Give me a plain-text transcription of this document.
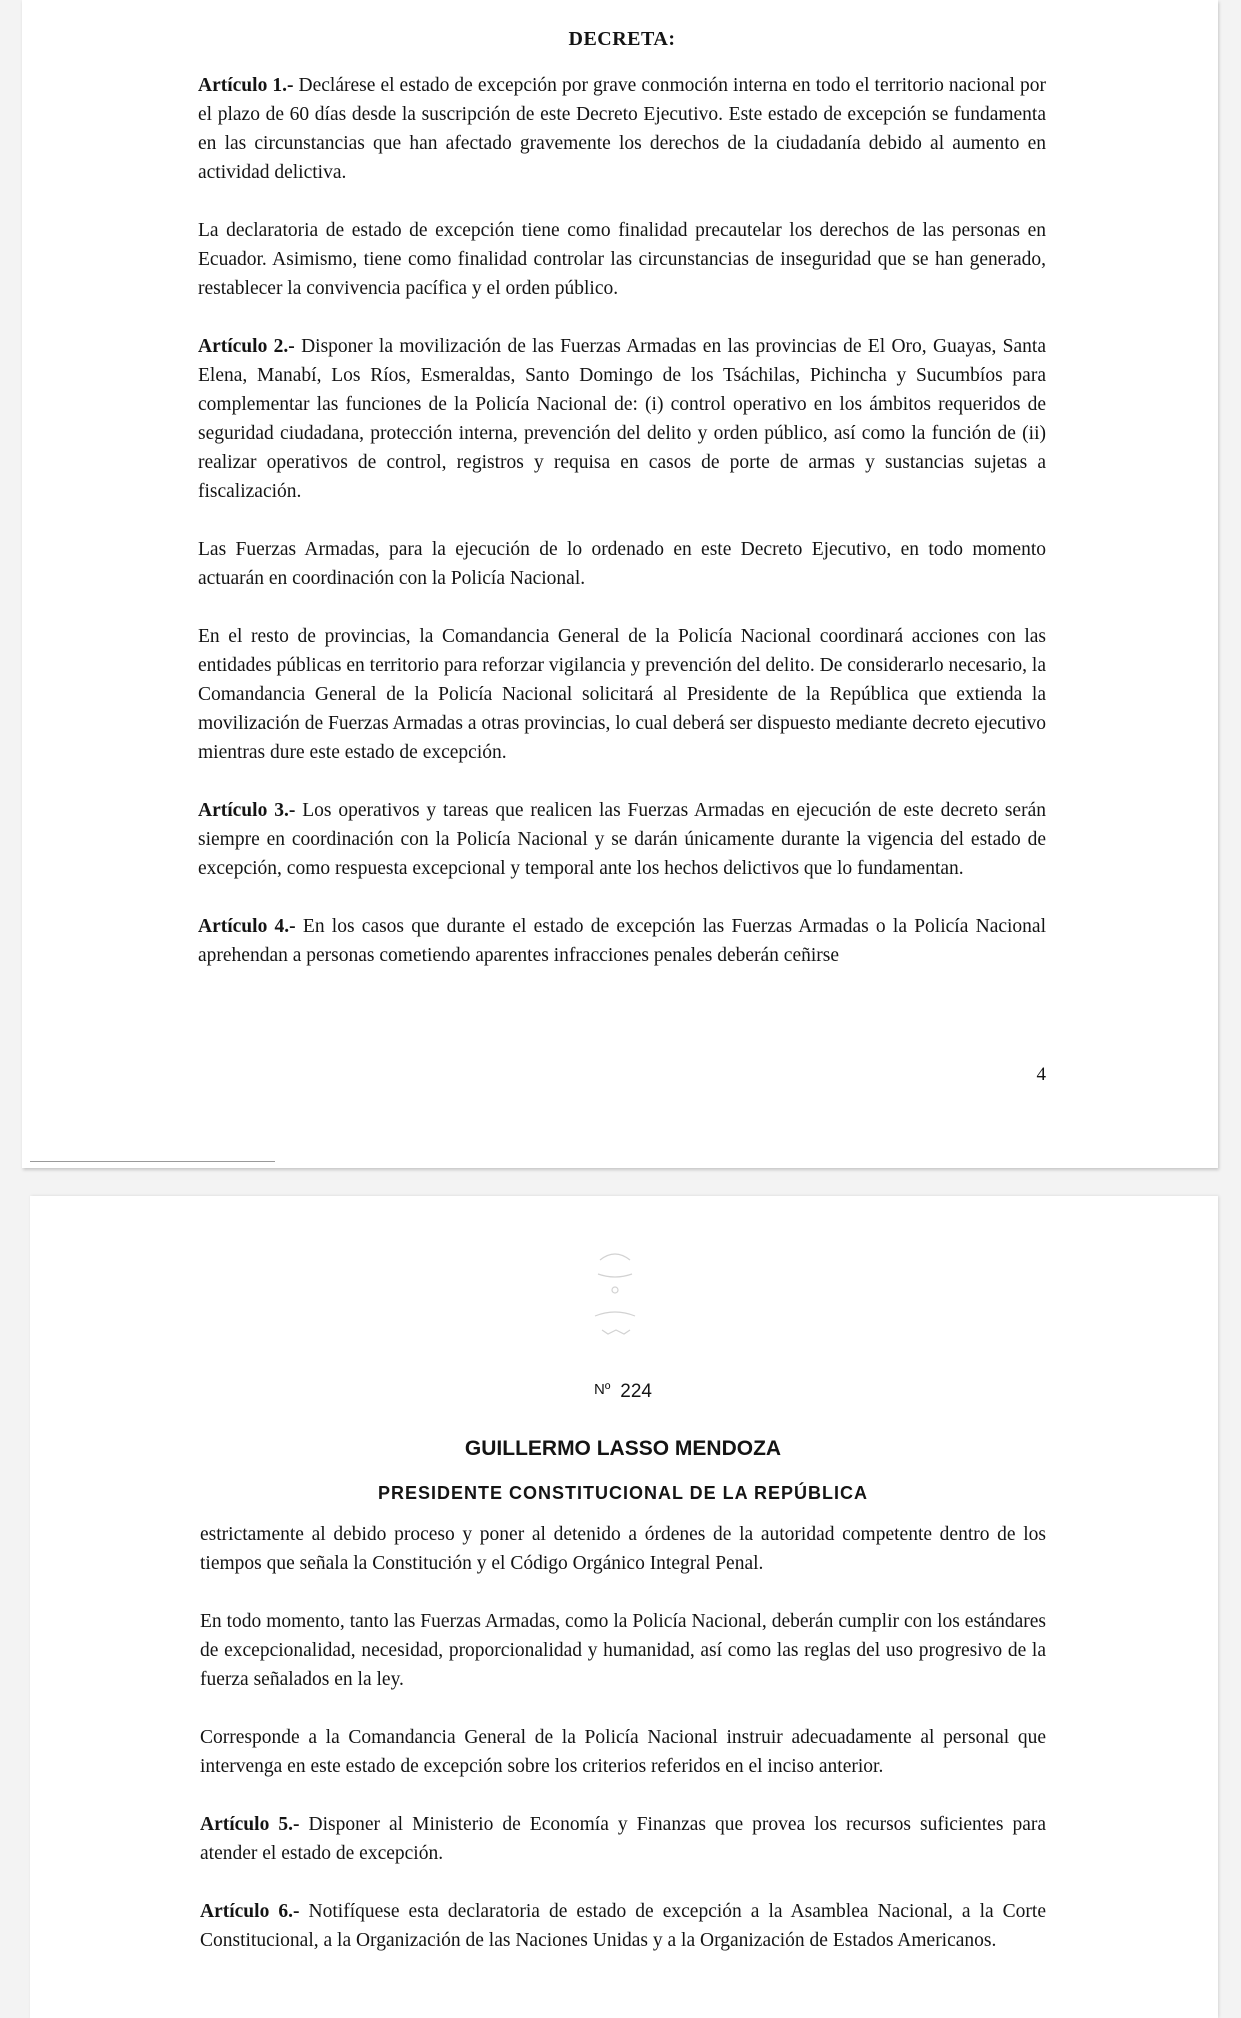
DECRETA:

Artículo 1.- Declárese el estado de excepción por grave conmoción interna en todo el territorio nacional por el plazo de 60 días desde la suscripción de este Decreto Ejecutivo. Este estado de excepción se fundamenta en las circunstancias que han afectado gravemente los derechos de la ciudadanía debido al aumento en actividad delictiva.

La declaratoria de estado de excepción tiene como finalidad precautelar los derechos de las personas en Ecuador. Asimismo, tiene como finalidad controlar las circunstancias de inseguridad que se han generado, restablecer la convivencia pacífica y el orden público.

Artículo 2.- Disponer la movilización de las Fuerzas Armadas en las provincias de El Oro, Guayas, Santa Elena, Manabí, Los Ríos, Esmeraldas, Santo Domingo de los Tsáchilas, Pichincha y Sucumbíos para complementar las funciones de la Policía Nacional de: (i) control operativo en los ámbitos requeridos de seguridad ciudadana, protección interna, prevención del delito y orden público, así como la función de (ii) realizar operativos de control, registros y requisa en casos de porte de armas y sustancias sujetas a fiscalización.

Las Fuerzas Armadas, para la ejecución de lo ordenado en este Decreto Ejecutivo, en todo momento actuarán en coordinación con la Policía Nacional.

En el resto de provincias, la Comandancia General de la Policía Nacional coordinará acciones con las entidades públicas en territorio para reforzar vigilancia y prevención del delito. De considerarlo necesario, la Comandancia General de la Policía Nacional solicitará al Presidente de la República que extienda la movilización de Fuerzas Armadas a otras provincias, lo cual deberá ser dispuesto mediante decreto ejecutivo mientras dure este estado de excepción.

Artículo 3.- Los operativos y tareas que realicen las Fuerzas Armadas en ejecución de este decreto serán siempre en coordinación con la Policía Nacional y se darán únicamente durante la vigencia del estado de excepción, como respuesta excepcional y temporal ante los hechos delictivos que lo fundamentan.

Artículo 4.- En los casos que durante el estado de excepción las Fuerzas Armadas o la Policía Nacional aprehendan a personas cometiendo aparentes infracciones penales deberán ceñirse

4
$^{Nº}$ 224
GUILLERMO LASSO MENDOZA
PRESIDENTE CONSTITUCIONAL DE LA REPÚBLICA

estrictamente al debido proceso y poner al detenido a órdenes de la autoridad competente dentro de los tiempos que señala la Constitución y el Código Orgánico Integral Penal.

En todo momento, tanto las Fuerzas Armadas, como la Policía Nacional, deberán cumplir con los estándares de excepcionalidad, necesidad, proporcionalidad y humanidad, así como las reglas del uso progresivo de la fuerza señalados en la ley.

Corresponde a la Comandancia General de la Policía Nacional instruir adecuadamente al personal que intervenga en este estado de excepción sobre los criterios referidos en el inciso anterior.

Artículo 5.- Disponer al Ministerio de Economía y Finanzas que provea los recursos suficientes para atender el estado de excepción.

Artículo 6.- Notifíquese esta declaratoria de estado de excepción a la Asamblea Nacional, a la Corte Constitucional, a la Organización de las Naciones Unidas y a la Organización de Estados Americanos.
